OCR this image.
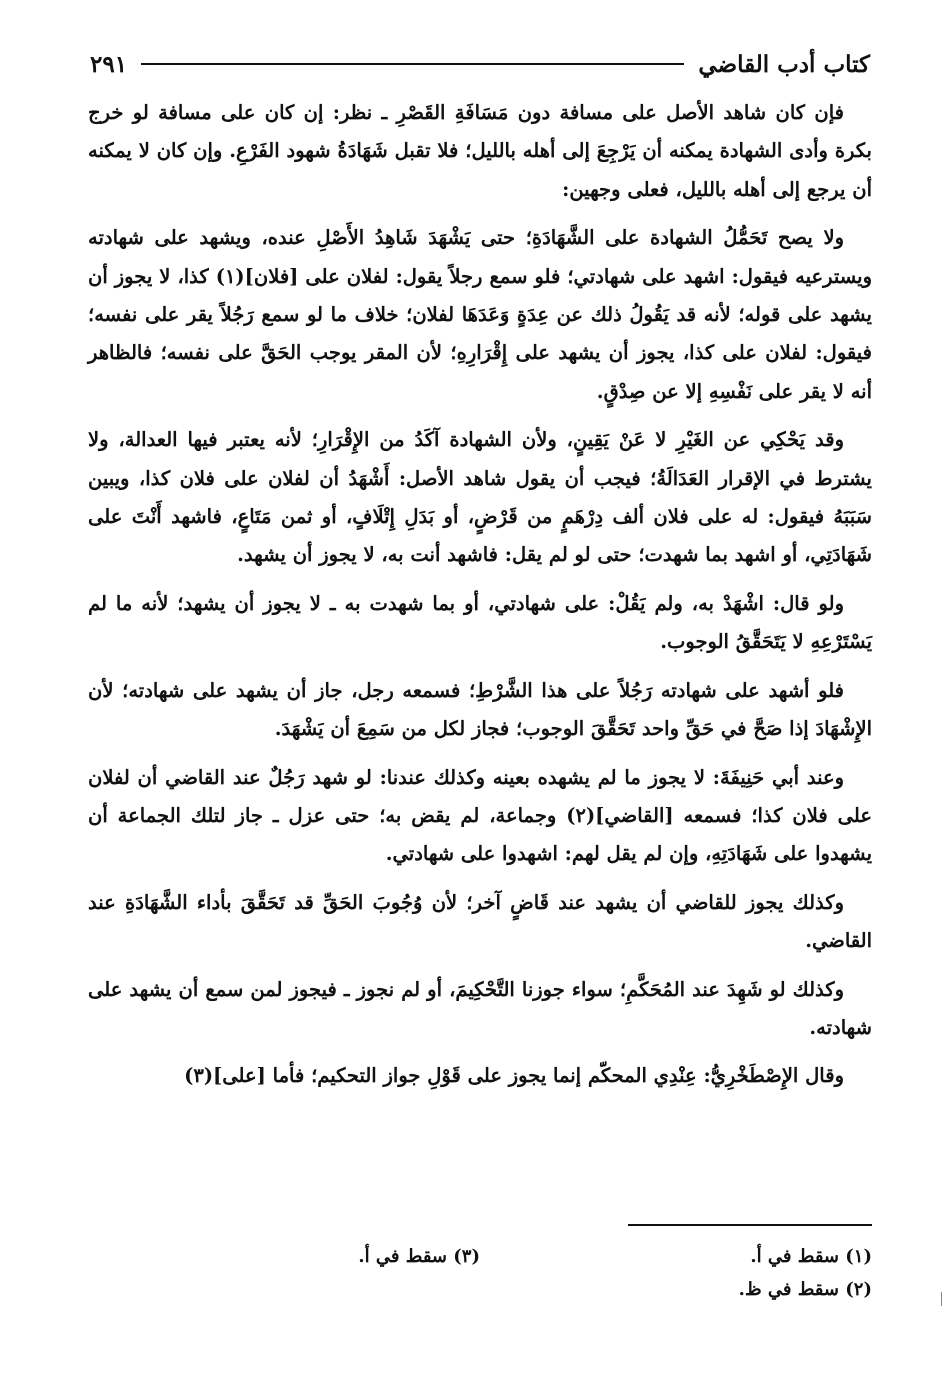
كتاب أدب القاضي
٢٩١

فإن كان شاهد الأصل على مسافة دون مَسَافَةِ القَصْرِ ـ نظر: إن كان على مسافة لو خرج بكرة وأدى الشهادة يمكنه أن يَرْجِعَ إلى أهله بالليل؛ فلا تقبل شَهَادَةُ شهود الفَرْعِ. وإن كان لا يمكنه أن يرجع إلى أهله بالليل، فعلى وجهين:

ولا يصح تَحَمُّلُ الشهادة على الشَّهَادَةِ؛ حتى يَشْهَدَ شَاهِدُ الأَصْلِ عنده، ويشهد على شهادته ويسترعيه فيقول: اشهد على شهادتي؛ فلو سمع رجلاً يقول: لفلان على [فلان](١) كذا، لا يجوز أن يشهد على قوله؛ لأنه قد يَقُولُ ذلك عن عِدَةٍ وَعَدَهَا لفلان؛ خلاف ما لو سمع رَجُلاً يقر على نفسه؛ فيقول: لفلان على كذا، يجوز أن يشهد على إِقْرَارِهِ؛ لأن المقر يوجب الحَقَّ على نفسه؛ فالظاهر أنه لا يقر على نَفْسِهِ إلا عن صِدْقٍ.

وقد يَحْكِي عن الغَيْرِ لا عَنْ يَقِينٍ، ولأن الشهادة آكَدُ من الإِقْرَارِ؛ لأنه يعتبر فيها العدالة، ولا يشترط في الإقرار العَدَالَةُ؛ فيجب أن يقول شاهد الأصل: أَشْهَدُ أن لفلان على فلان كذا، ويبين سَبَبَهُ فيقول: له على فلان ألف دِرْهَمٍ من قَرْضٍ، أو بَدَلِ إِتْلَافٍ، أو ثمن مَتَاعٍ، فاشهد أَنْتَ على شَهَادَتِي، أو اشهد بما شهدت؛ حتى لو لم يقل: فاشهد أنت به، لا يجوز أن يشهد.

ولو قال: اشْهَدْ به، ولم يَقُلْ: على شهادتي، أو بما شهدت به ـ لا يجوز أن يشهد؛ لأنه ما لم يَسْتَرْعِهِ لا يَتَحَقَّقُ الوجوب.

فلو أشهد على شهادته رَجُلاً على هذا الشَّرْطِ؛ فسمعه رجل، جاز أن يشهد على شهادته؛ لأن الإِشْهَادَ إذا صَحَّ في حَقِّ واحد تَحَقَّقَ الوجوب؛ فجاز لكل من سَمِعَ أن يَشْهَدَ.

وعند أبي حَنِيفَةَ: لا يجوز ما لم يشهده بعينه وكذلك عندنا: لو شهد رَجُلٌ عند القاضي أن لفلان على فلان كذا؛ فسمعه [القاضي](٢) وجماعة، لم يقض به؛ حتى عزل ـ جاز لتلك الجماعة أن يشهدوا على شَهَادَتِهِ، وإن لم يقل لهم: اشهدوا على شهادتي.

وكذلك يجوز للقاضي أن يشهد عند قَاضٍ آخر؛ لأن وُجُوبَ الحَقِّ قد تَحَقَّقَ بأداء الشَّهَادَةِ عند القاضي.

وكذلك لو شَهِدَ عند المُحَكَّمِ؛ سواء جوزنا التَّحْكِيمَ، أو لم نجوز ـ فيجوز لمن سمع أن يشهد على شهادته.

وقال الإِصْطَخْرِيُّ: عِنْدِي المحكّم إنما يجوز على قَوْلِ جواز التحكيم؛ فأما [على](٣)

(١) سقط في أ.
(٣) سقط في أ.
(٢) سقط في ظ.
